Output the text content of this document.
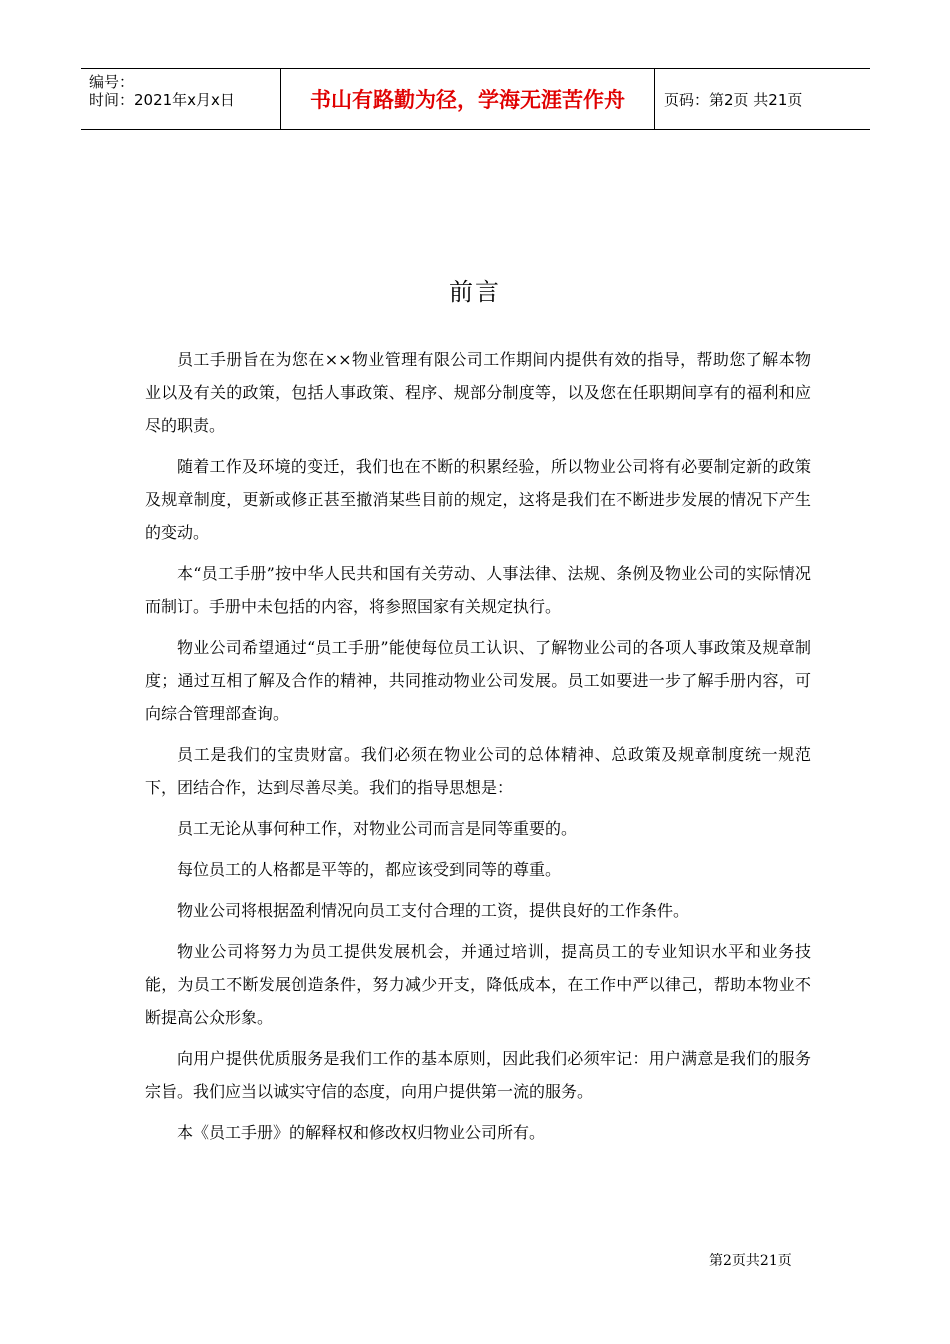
编号：
时间：2021年x月x日	书山有路勤为径，学海无涯苦作舟	页码：第2页 共21页
前言

员工手册旨在为您在××物业管理有限公司工作期间内提供有效的指导，帮助您了解本物业以及有关的政策，包括人事政策、程序、规部分制度等，以及您在任职期间享有的福利和应尽的职责。

随着工作及环境的变迁，我们也在不断的积累经验，所以物业公司将有必要制定新的政策及规章制度，更新或修正甚至撤消某些目前的规定，这将是我们在不断进步发展的情况下产生的变动。

本“员工手册”按中华人民共和国有关劳动、人事法律、法规、条例及物业公司的实际情况而制订。手册中未包括的内容，将参照国家有关规定执行。

物业公司希望通过“员工手册”能使每位员工认识、了解物业公司的各项人事政策及规章制度；通过互相了解及合作的精神，共同推动物业公司发展。员工如要进一步了解手册内容，可向综合管理部查询。

员工是我们的宝贵财富。我们必须在物业公司的总体精神、总政策及规章制度统一规范下，团结合作，达到尽善尽美。我们的指导思想是：

员工无论从事何种工作，对物业公司而言是同等重要的。

每位员工的人格都是平等的，都应该受到同等的尊重。

物业公司将根据盈利情况向员工支付合理的工资，提供良好的工作条件。

物业公司将努力为员工提供发展机会，并通过培训，提高员工的专业知识水平和业务技能，为员工不断发展创造条件，努力减少开支，降低成本，在工作中严以律己，帮助本物业不断提高公众形象。

向用户提供优质服务是我们工作的基本原则，因此我们必须牢记：用户满意是我们的服务宗旨。我们应当以诚实守信的态度，向用户提供第一流的服务。

本《员工手册》的解释权和修改权归物业公司所有。

第2页共21页
